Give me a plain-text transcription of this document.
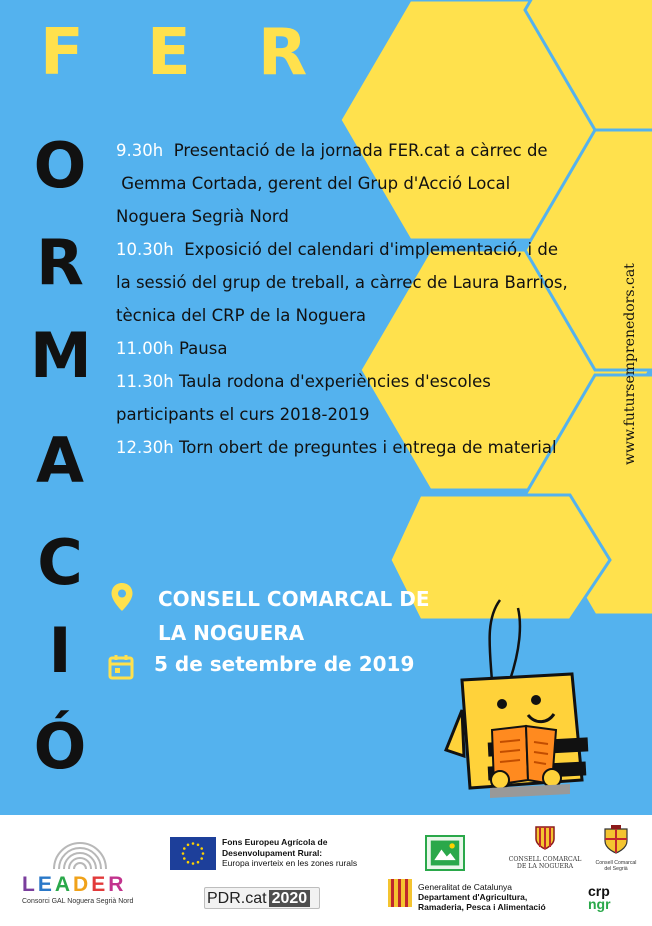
F E R
O
R
M
A
C
I
Ó
9.30h Presentació de la jornada FER.cat a càrrec de
Gemma Cortada, gerent del Grup d'Acció Local
Noguera Segrià Nord
10.30h Exposició del calendari d'implementació, i de
la sessió del grup de treball, a càrrec de Laura Barrios,
tècnica del CRP de la Noguera
11.00h Pausa
11.30h Taula rodona d'experiències d'escoles
participants el curs 2018-2019
12.30h Torn obert de preguntes i entrega de material	www.futursemprenedors.cat
CONSELL COMARCAL DE
LA NOGUERA
5 de setembre de 2019
LEADER
Consorci GAL Noguera Segrià Nord
Fons Europeu Agrícola de
Desenvolupament Rural:
Europa inverteix en les zones rurals
PDR.cat 2020
CONSELL COMARCAL
DE LA NOGUERA	Consell Comarcal
del Segrià
Generalitat de Catalunya
Departament d'Agricultura,
Ramaderia, Pesca i Alimentació
crp
ngr
